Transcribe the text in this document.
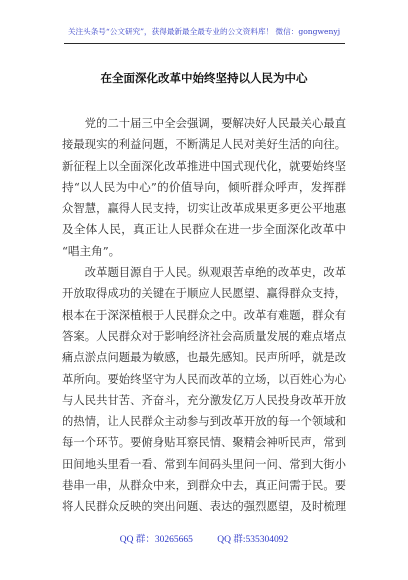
关注头条号“公文研究”，获得最新最全最专业的公文资料库！ 微信：gongwenyj
在全面深化改革中始终坚持以人民为中心
　　党的二十届三中全会强调，要解决好人民最关心最直
接最现实的利益问题，不断满足人民对美好生活的向往。
新征程上以全面深化改革推进中国式现代化，就要始终坚
持“以人民为中心”的价值导向，倾听群众呼声，发挥群
众智慧，赢得人民支持，切实让改革成果更多更公平地惠
及全体人民，真正让人民群众在进一步全面深化改革中
“唱主角”。
　　改革题目源自于人民。纵观艰苦卓绝的改革史，改革
开放取得成功的关键在于顺应人民愿望、赢得群众支持，
根本在于深深植根于人民群众之中。改革有难题，群众有
答案。人民群众对于影响经济社会高质量发展的难点堵点
痛点淤点问题最为敏感，也最先感知。民声所呼，就是改
革所向。要始终坚守为人民而改革的立场，以百姓心为心
与人民共甘苦、齐奋斗，充分激发亿万人民投身改革开放
的热情，让人民群众主动参与到改革开放的每一个领域和
每一个环节。要俯身贴耳察民情、聚精会神听民声，常到
田间地头里看一看、常到车间码头里问一问、常到大街小
巷串一串，从群众中来，到群众中去，真正问需于民。要
将人民群众反映的突出问题、表达的强烈愿望，及时梳理
QQ 群：30265665	QQ 群:535304092
